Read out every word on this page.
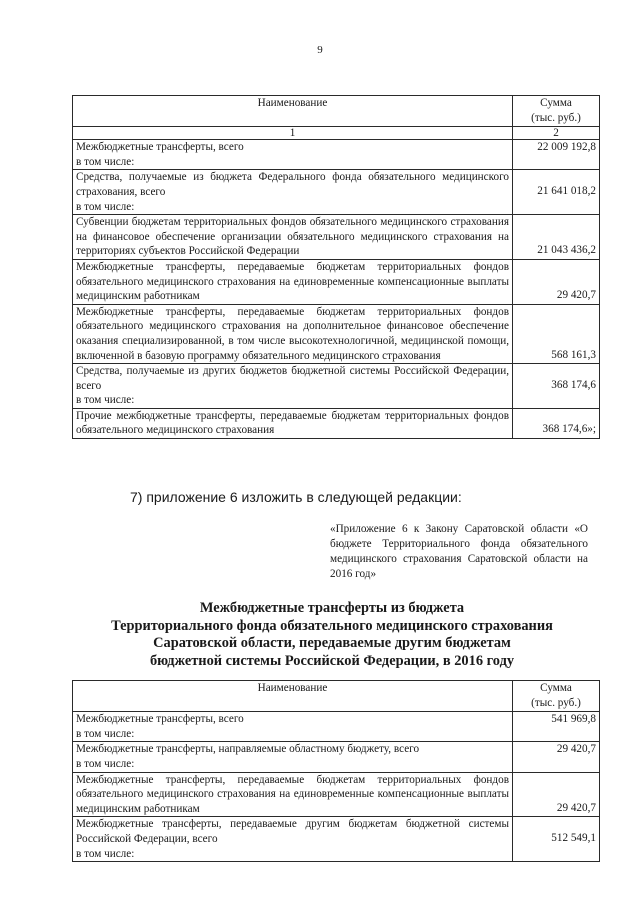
9
Наименование	Сумма
(тыс. руб.)

1	2
Межбюджетные трансферты, всего
в том числе:	22 009 192,8
Средства, получаемые из бюджета Федерального фонда обязательного медицинского страхования, всего
в том числе:	21 641 018,2
Субвенции бюджетам территориальных фондов обязательного медицинского страхования на финансовое обеспечение организации обязательного медицинского страхования на территориях субъектов Российской Федерации	21 043 436,2
Межбюджетные трансферты, передаваемые бюджетам территориальных фондов обязательного медицинского страхования на единовременные компенсационные выплаты медицинским работникам	29 420,7
Межбюджетные трансферты, передаваемые бюджетам территориальных фондов обязательного медицинского страхования на дополнительное финансовое обеспечение оказания специализированной, в том числе высокотехнологичной, медицинской помощи, включенной в базовую программу обязательного медицинского страхования	568 161,3
Средства, получаемые из других бюджетов бюджетной системы Российской Федерации, всего
в том числе:	368 174,6
Прочие межбюджетные трансферты, передаваемые бюджетам территориальных фондов обязательного медицинского страхования	368 174,6»;
7) приложение 6 изложить в следующей редакции:
«Приложение 6 к Закону Саратовской области «О бюджете Территориального фонда обязательного медицинского страхования Саратовской области на 2016 год»
Межбюджетные трансферты из бюджета
Территориального фонда обязательного медицинского страхования
Саратовской области, передаваемые другим бюджетам
бюджетной системы Российской Федерации, в 2016 году
Наименование	Сумма
(тыс. руб.)

Межбюджетные трансферты, всего
в том числе:	541 969,8
Межбюджетные трансферты, направляемые областному бюджету, всего
в том числе:	29 420,7
Межбюджетные трансферты, передаваемые бюджетам территориальных фондов обязательного медицинского страхования на единовременные компенсационные выплаты медицинским работникам	29 420,7
Межбюджетные трансферты, передаваемые другим бюджетам бюджетной системы Российской Федерации, всего
в том числе:	512 549,1
